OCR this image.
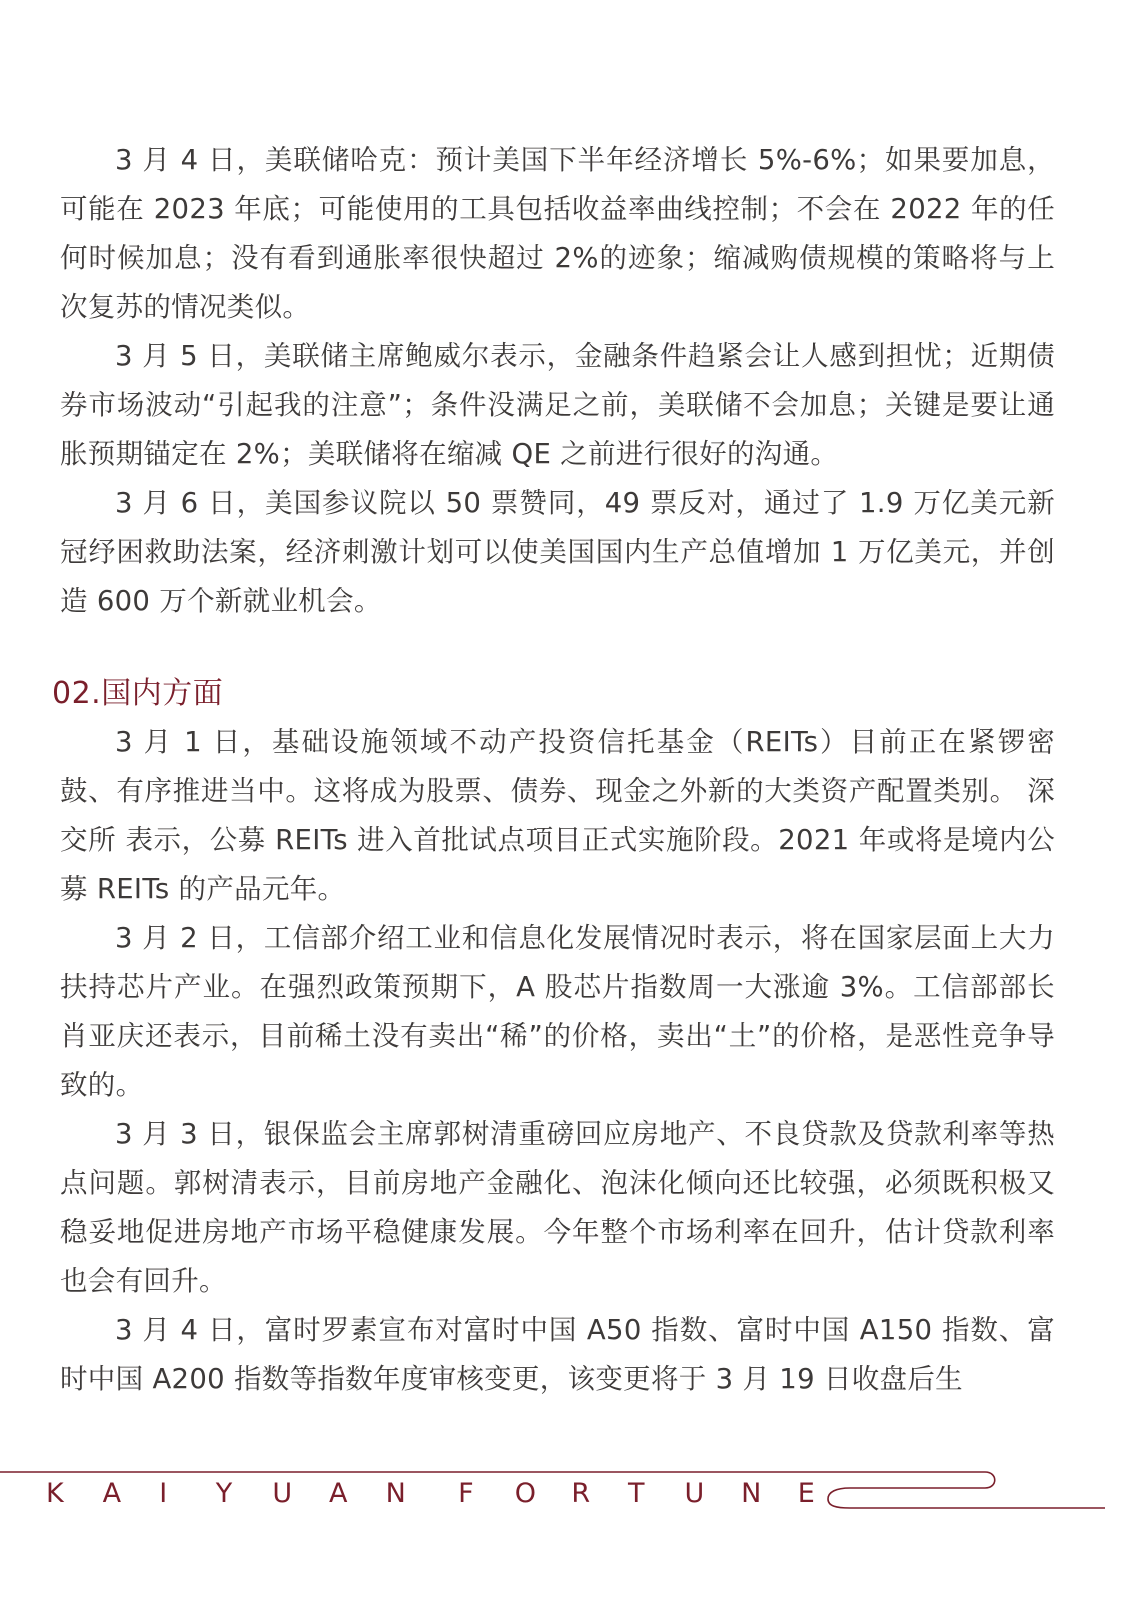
3 月 4 日，美联储哈克：预计美国下半年经济增长 5%-6%；如果要加息，可能在 2023 年底；可能使用的工具包括收益率曲线控制；不会在 2022 年的任何时候加息；没有看到通胀率很快超过 2%的迹象；缩减购债规模的策略将与上次复苏的情况类似。

3 月 5 日，美联储主席鲍威尔表示，金融条件趋紧会让人感到担忧；近期债券市场波动“引起我的注意”；条件没满足之前，美联储不会加息；关键是要让通胀预期锚定在 2%；美联储将在缩减 QE 之前进行很好的沟通。

3 月 6 日，美国参议院以 50 票赞同，49 票反对，通过了 1.9 万亿美元新冠纾困救助法案，经济刺激计划可以使美国国内生产总值增加 1 万亿美元，并创造 600 万个新就业机会。

02.国内方面

3 月 1 日，基础设施领域不动产投资信托基金（REITs）目前正在紧锣密鼓、有序推进当中。这将成为股票、债券、现金之外新的大类资产配置类别。 深交所 表示，公募 REITs 进入首批试点项目正式实施阶段。2021 年或将是境内公募 REITs 的产品元年。

3 月 2 日，工信部介绍工业和信息化发展情况时表示，将在国家层面上大力扶持芯片产业。在强烈政策预期下，A 股芯片指数周一大涨逾 3%。工信部部长肖亚庆还表示，目前稀土没有卖出“稀”的价格，卖出“土”的价格，是恶性竞争导致的。

3 月 3 日，银保监会主席郭树清重磅回应房地产、不良贷款及贷款利率等热点问题。郭树清表示，目前房地产金融化、泡沫化倾向还比较强，必须既积极又稳妥地促进房地产市场平稳健康发展。今年整个市场利率在回升，估计贷款利率也会有回升。

3 月 4 日，富时罗素宣布对富时中国 A50 指数、富时中国 A150 指数、富时中国 A200 指数等指数年度审核变更，该变更将于 3 月 19 日收盘后生

K A I Y U A N F O R T U N E
